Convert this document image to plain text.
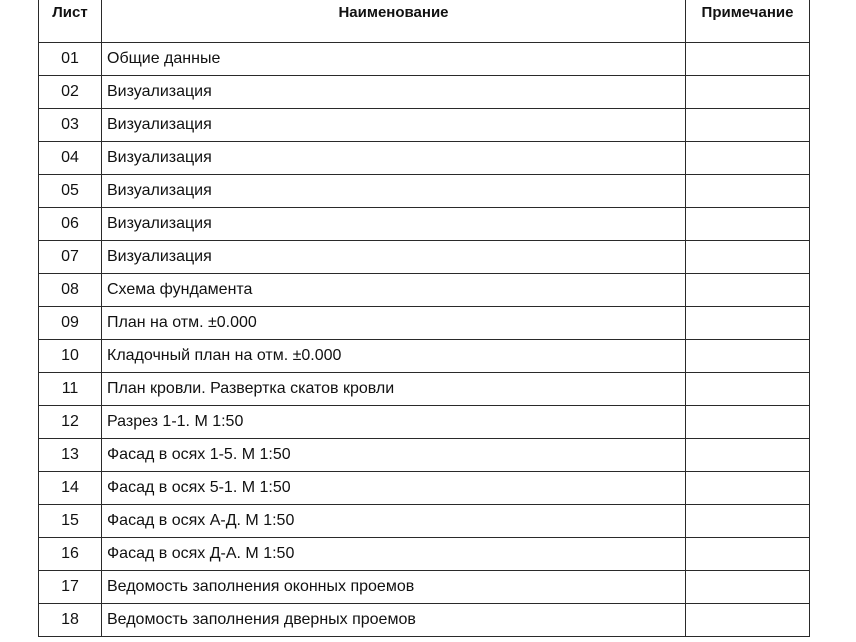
Лист	Наименование	Примечание
01	Общие данные	
02	Визуализация	
03	Визуализация	
04	Визуализация	
05	Визуализация	
06	Визуализация	
07	Визуализация	
08	Схема фундамента	
09	План на отм. ±0.000	
10	Кладочный план на отм. ±0.000	
11	План кровли. Развертка скатов кровли	
12	Разрез 1-1. М 1:50	
13	Фасад в осях 1-5. М 1:50	
14	Фасад в осях 5-1. М 1:50	
15	Фасад в осях А-Д. М 1:50	
16	Фасад в осях Д-А. М 1:50	
17	Ведомость заполнения оконных проемов	
18	Ведомость заполнения дверных проемов	
